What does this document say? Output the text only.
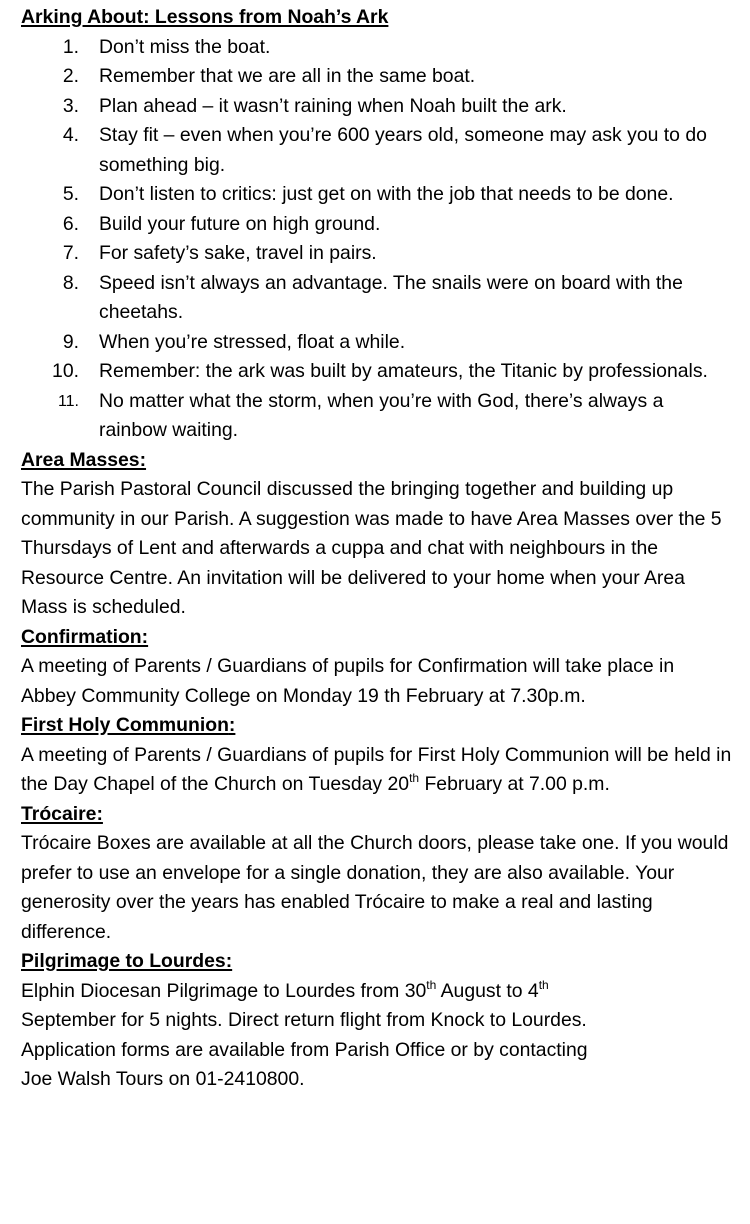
Arking About: Lessons from Noah’s Ark

1. Don’t miss the boat.
2. Remember that we are all in the same boat.
3. Plan ahead – it wasn’t raining when Noah built the ark.
4. Stay fit – even when you’re 600 years old, someone may ask you to do something big.
5. Don’t listen to critics: just get on with the job that needs to be done.
6. Build your future on high ground.
7. For safety’s sake, travel in pairs.
8. Speed isn’t always an advantage. The snails were on board with the cheetahs.
9. When you’re stressed, float a while.
10. Remember: the ark was built by amateurs, the Titanic by professionals.
11. No matter what the storm, when you’re with God, there’s always a rainbow waiting.

Area Masses:

The Parish Pastoral Council discussed the bringing together and building up community in our Parish. A suggestion was made to have Area Masses over the 5 Thursdays of Lent and afterwards a cuppa and chat with neighbours in the Resource Centre. An invitation will be delivered to your home when your Area Mass is scheduled.

Confirmation:

A meeting of Parents / Guardians of pupils for Confirmation will take place in Abbey Community College on Monday 19 th February at 7.30p.m.

First Holy Communion:

A meeting of Parents / Guardians of pupils for First Holy Communion will be held in the Day Chapel of the Church on Tuesday 20th February at 7.00 p.m.

Trócaire:

Trócaire Boxes are available at all the Church doors, please take one. If you would prefer to use an envelope for a single donation, they are also available. Your generosity over the years has enabled Trócaire to make a real and lasting difference.

Pilgrimage to Lourdes:

Elphin Diocesan Pilgrimage to Lourdes from 30th August to 4th
September for 5 nights. Direct return flight from Knock to Lourdes.
Application forms are available from Parish Office or by contacting
Joe Walsh Tours on 01-2410800.
